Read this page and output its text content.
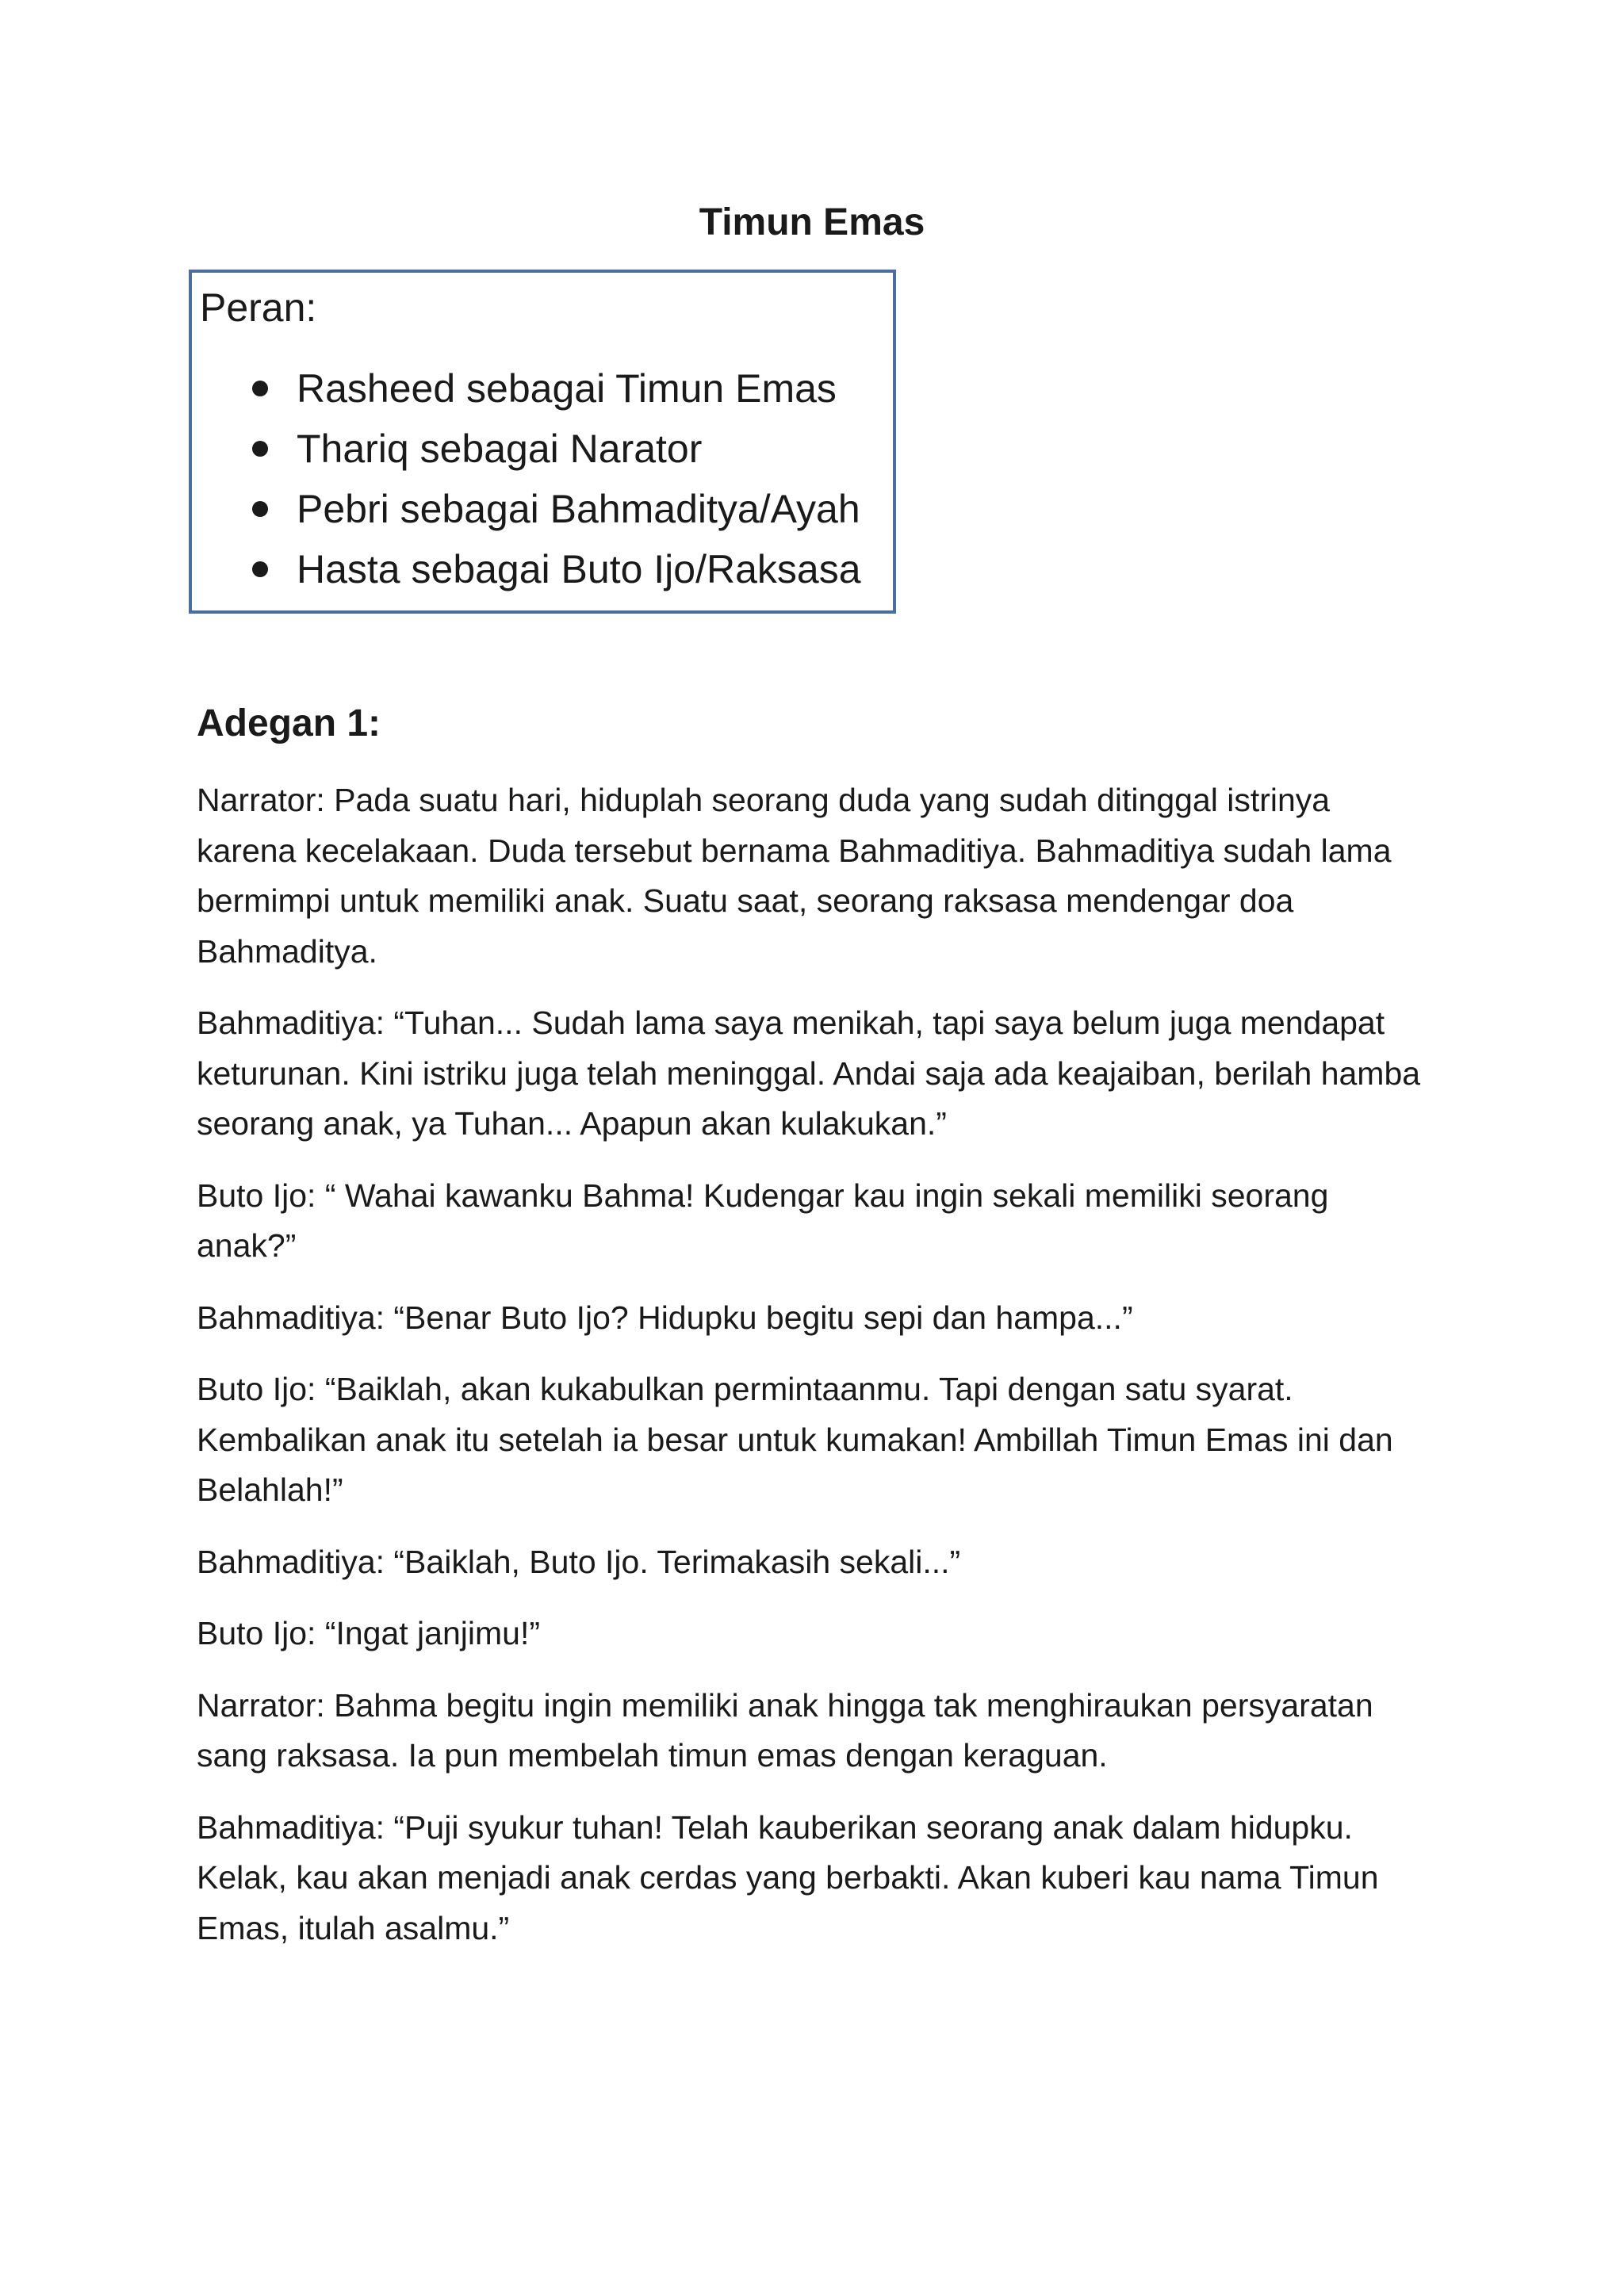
Timun Emas

Peran:

Rasheed sebagai Timun Emas
Thariq sebagai Narator
Pebri sebagai Bahmaditya/Ayah
Hasta sebagai Buto Ijo/Raksasa
Adegan 1:

Narrator: Pada suatu hari, hiduplah seorang duda yang sudah ditinggal istrinya karena kecelakaan. Duda tersebut bernama Bahmaditiya. Bahmaditiya sudah lama bermimpi untuk memiliki anak. Suatu saat, seorang raksasa mendengar doa Bahmaditya.

Bahmaditiya: “Tuhan... Sudah lama saya menikah, tapi saya belum juga mendapat keturunan. Kini istriku juga telah meninggal. Andai saja ada keajaiban, berilah hamba seorang anak, ya Tuhan... Apapun akan kulakukan.”

Buto Ijo: “ Wahai kawanku Bahma! Kudengar kau ingin sekali memiliki seorang anak?”

Bahmaditiya: “Benar Buto Ijo? Hidupku begitu sepi dan hampa...”

Buto Ijo: “Baiklah, akan kukabulkan permintaanmu. Tapi dengan satu syarat. Kembalikan anak itu setelah ia besar untuk kumakan! Ambillah Timun Emas ini dan Belahlah!”

Bahmaditiya: “Baiklah, Buto Ijo. Terimakasih sekali...”

Buto Ijo: “Ingat janjimu!”

Narrator: Bahma begitu ingin memiliki anak hingga tak menghiraukan persyaratan sang raksasa. Ia pun membelah timun emas dengan keraguan.

Bahmaditiya: “Puji syukur tuhan! Telah kauberikan seorang anak dalam hidupku. Kelak, kau akan menjadi anak cerdas yang berbakti. Akan kuberi kau nama Timun Emas, itulah asalmu.”
